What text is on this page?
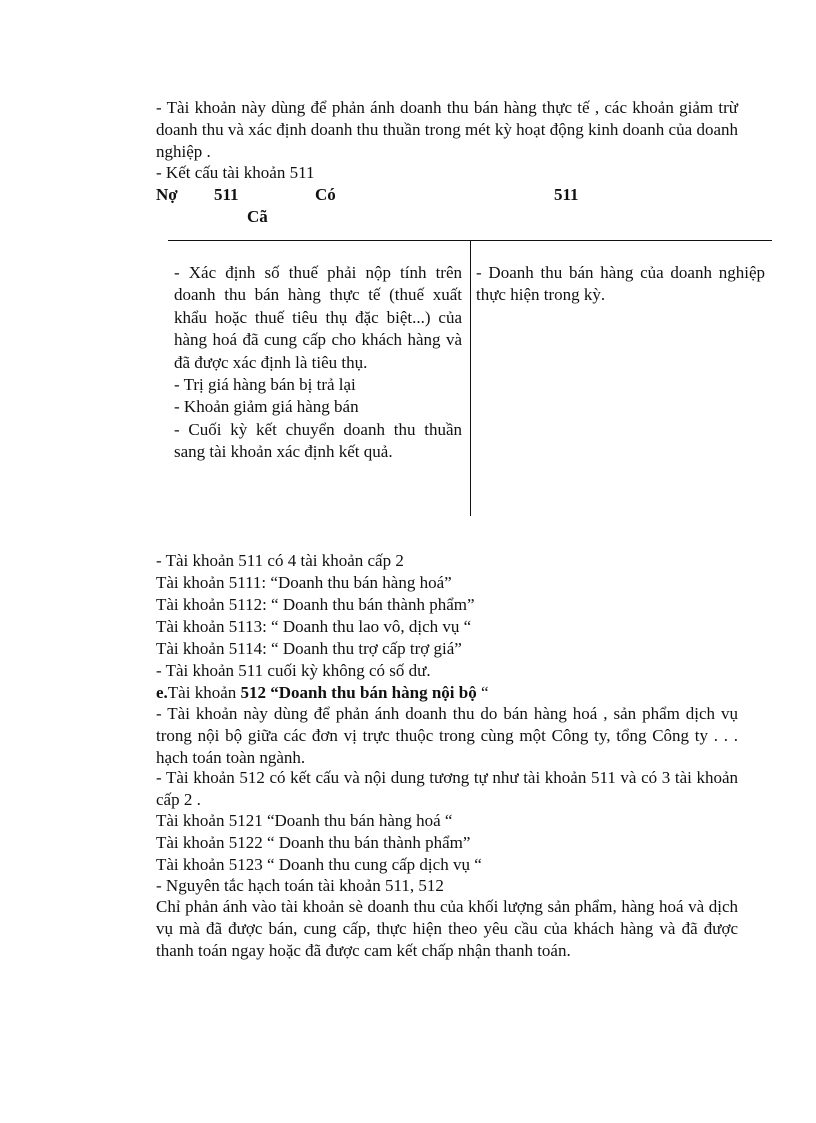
- Tài khoản này dùng để phản ánh doanh thu bán hàng thực tế , các khoản giảm trừ doanh thu và xác định doanh thu thuần trong mét kỳ hoạt động kinh doanh của doanh nghiệp .
- Kết cấu tài khoản 511
Nợ 511	Có	511
Cã
- Xác định số thuế phải nộp tính trên doanh thu bán hàng thực tế (thuế xuất khẩu hoặc thuế tiêu thụ đặc biệt...) của hàng hoá đã cung cấp cho khách hàng và đã được xác định là tiêu thụ.
- Trị giá hàng bán bị trả lại
- Khoản giảm giá hàng bán
- Cuối kỳ kết chuyển doanh thu thuần sang tài khoản xác định kết quả.
- Doanh thu bán hàng của doanh nghiệp thực hiện trong kỳ.
- Tài khoản 511 có 4 tài khoản cấp 2
Tài khoản 5111: “Doanh thu bán hàng hoá”
Tài khoản 5112: “ Doanh thu bán thành phẩm”
Tài khoản 5113: “ Doanh thu lao vô, dịch vụ “
Tài khoản 5114: “ Doanh thu trợ cấp trợ giá”
- Tài khoản 511 cuối kỳ không có số dư.
e.Tài khoản 512 “Doanh thu bán hàng nội bộ “
- Tài khoản này dùng để phản ánh doanh thu do bán hàng hoá , sản phẩm dịch vụ trong nội bộ giữa các đơn vị trực thuộc trong cùng một Công ty, tổng Công ty . . . hạch toán toàn ngành.
- Tài khoản 512 có kết cấu và nội dung tương tự như tài khoản 511 và có 3 tài khoản cấp 2 .
Tài khoản 5121 “Doanh thu bán hàng hoá “
Tài khoản 5122 “ Doanh thu bán thành phẩm”
Tài khoản 5123 “ Doanh thu cung cấp dịch vụ “
- Nguyên tắc hạch toán tài khoản 511, 512
Chỉ phản ánh vào tài khoản sè doanh thu của khối lượng sản phẩm, hàng hoá và dịch vụ mà đã được bán, cung cấp, thực hiện theo yêu cầu của khách hàng và đã được thanh toán ngay hoặc đã được cam kết chấp nhận thanh toán.
